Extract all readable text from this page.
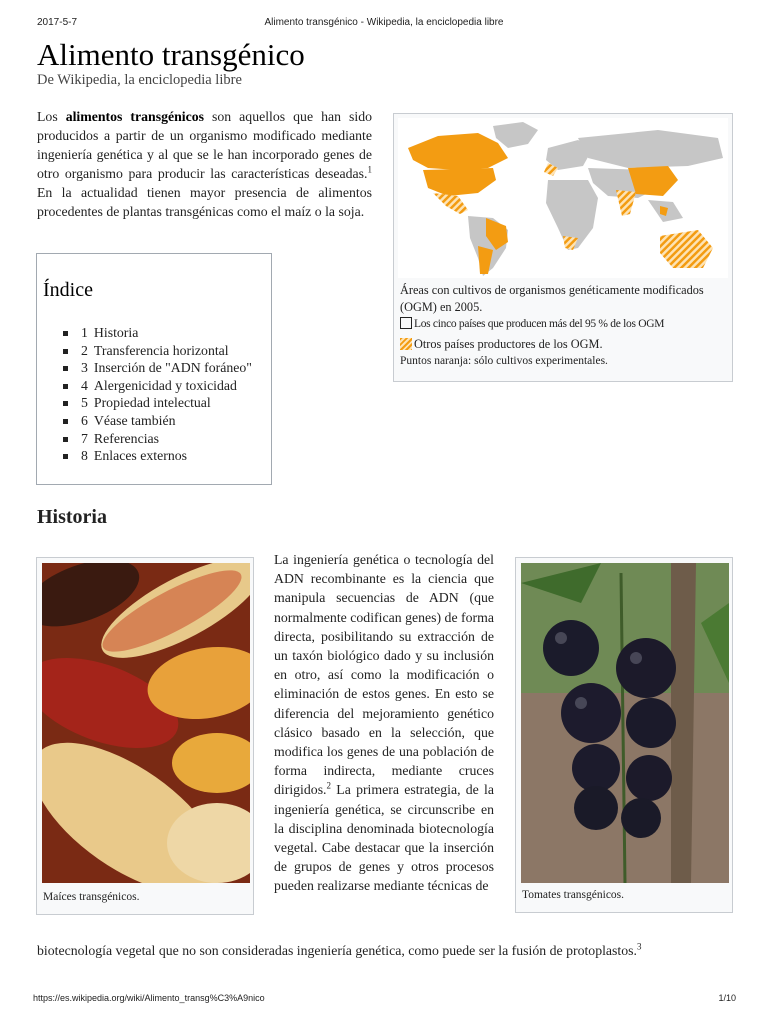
2017-5-7	Alimento transgénico - Wikipedia, la enciclopedia libre
Alimento transgénico
De Wikipedia, la enciclopedia libre
Los alimentos transgénicos son aquellos que han sido producidos a partir de un organismo modificado mediante ingeniería genética y al que se le han incorporado genes de otro organismo para producir las características deseadas.$^1$ En la actualidad tienen mayor presencia de alimentos procedentes de plantas transgénicas como el maíz o la soja.
Áreas con cultivos de organismos genéticamente modificados (OGM) en 2005.
Los cinco países que producen más del 95 % de los OGM
Otros países productores de los OGM.
Puntos naranja: sólo cultivos experimentales.
Índice
1 Historia
2 Transferencia horizontal
3 Inserción de "ADN foráneo"
4 Alergenicidad y toxicidad
5 Propiedad intelectual
6 Véase también
7 Referencias
8 Enlaces externos
Historia
Maíces transgénicos.	Tomates transgénicos.
La ingeniería genética o tecnología del ADN recombinante es la ciencia que manipula secuencias de ADN (que normalmente codifican genes) de forma directa, posibilitando su extracción de un taxón biológico dado y su inclusión en otro, así como la modificación o eliminación de estos genes. En esto se diferencia del mejoramiento genético clásico basado en la selección, que modifica los genes de una población de forma indirecta, mediante cruces dirigidos.$^2$ La primera estrategia, de la ingeniería genética, se circunscribe en la disciplina denominada biotecnología vegetal. Cabe destacar que la inserción de grupos de genes y otros procesos pueden realizarse mediante técnicas de
biotecnología vegetal que no son consideradas ingeniería genética, como puede ser la fusión de protoplastos.$^3$
https://es.wikipedia.org/wiki/Alimento_transg%C3%A9nico	1/10
